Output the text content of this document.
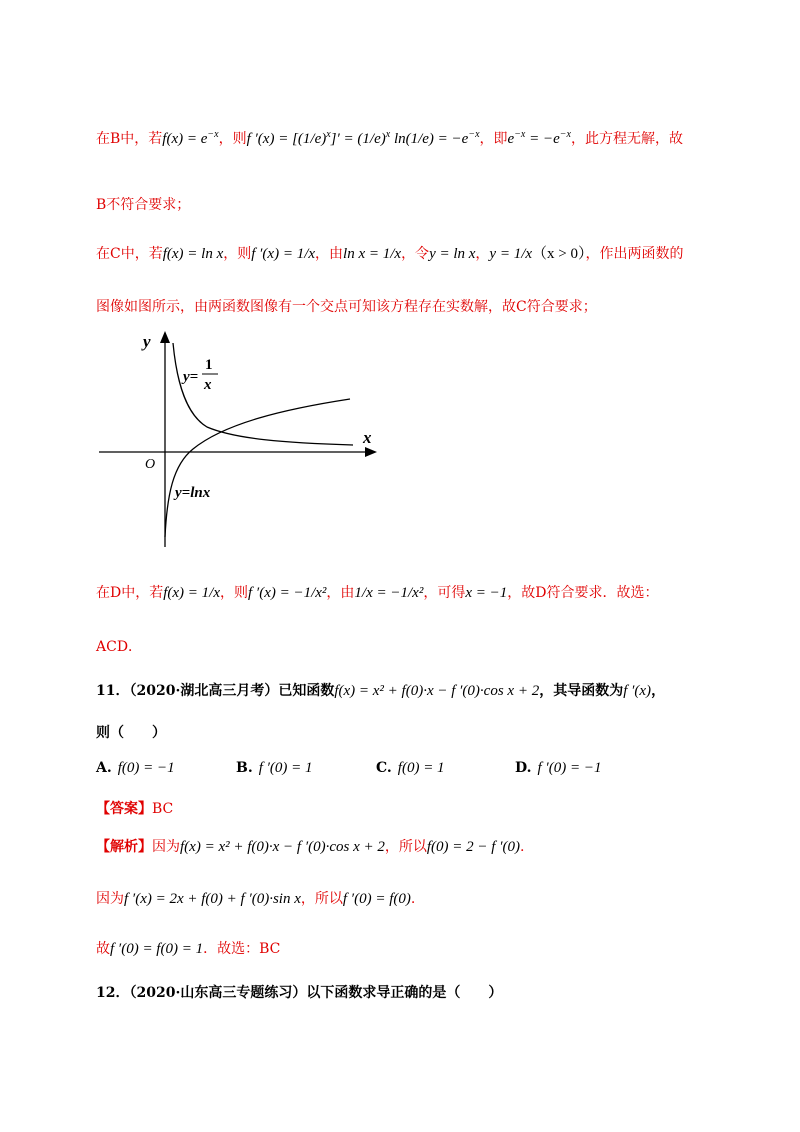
在B中，若$f(x) = e^{-x}$，则f $'(x) = [(1/e)^x]' = (1/e)^x$ $\ln(1/e) = -e^{-x}$，即$e^{-x} = -e^{-x}$，此方程无解，故
B不符合要求；
在C中，若f(x) = ln x，则f ′(x) = 1/x，由ln x = 1/x，令y = ln x，y = 1/x（x > 0），作出两函数的
图像如图所示，由两函数图像有一个交点可知该方程存在实数解，故C符合要求；
y
x
O
y=
1
x
y=lnx
在D中，若f(x) = 1/x，则f ′(x) = −1/x²，由1/x = −1/x²，可得x = −1，故D符合要求．故选：
ACD．
11．（2020·湖北高三月考）已知函数f(x) = x² + f(0)·x − f ′(0)·cos x + 2，其导函数为f ′(x)，
则（　　）
A. f(0) = −1	B. f ′(0) = 1	C. f(0) = 1	D. f ′(0) = −1
【答案】BC
【解析】因为f(x) = x² + f(0)·x − f ′(0)·cos x + 2，所以f(0) = 2 − f ′(0).
因为f ′(x) = 2x + f(0) + f ′(0)·sin x，所以f ′(0) = f(0).
故f ′(0) = f(0) = 1．故选：BC
12．（2020·山东高三专题练习）以下函数求导正确的是（　　）
